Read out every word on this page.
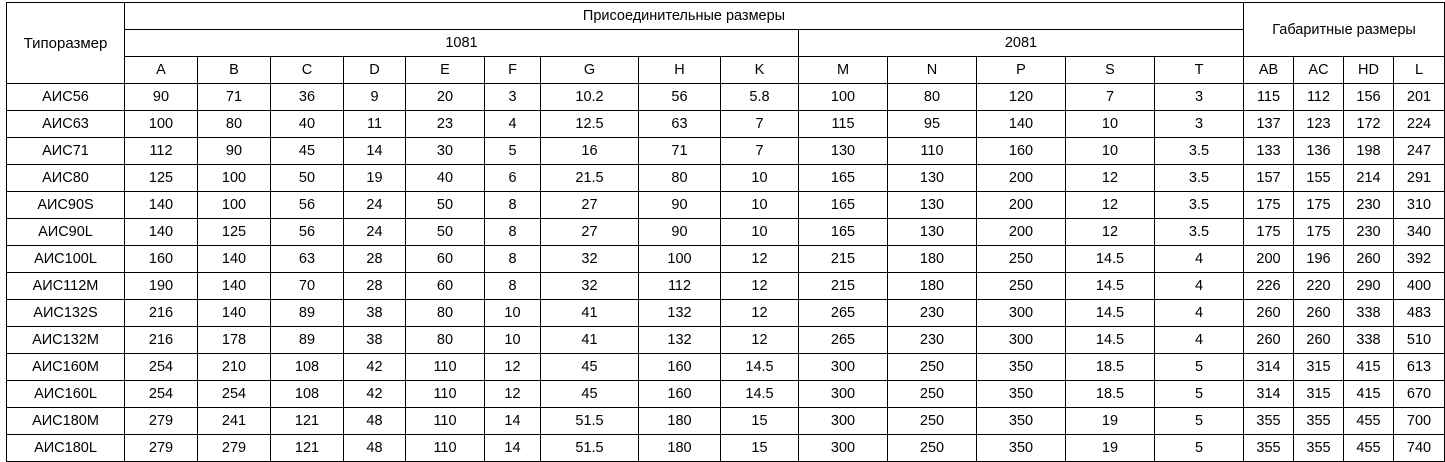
Типоразмер	Присоединительные размеры														Габаритные размеры			
	1081									2081								
	A	B	C	D	E	F	G	H	K	M	N	P	S	T	AB	AC	HD	L
АИС56	90	71	36	9	20	3	10.2	56	5.8	100	80	120	7	3	115	112	156	201
АИС63	100	80	40	11	23	4	12.5	63	7	115	95	140	10	3	137	123	172	224
АИС71	112	90	45	14	30	5	16	71	7	130	110	160	10	3.5	133	136	198	247
АИС80	125	100	50	19	40	6	21.5	80	10	165	130	200	12	3.5	157	155	214	291
АИС90S	140	100	56	24	50	8	27	90	10	165	130	200	12	3.5	175	175	230	310
АИС90L	140	125	56	24	50	8	27	90	10	165	130	200	12	3.5	175	175	230	340
АИС100L	160	140	63	28	60	8	32	100	12	215	180	250	14.5	4	200	196	260	392
АИС112M	190	140	70	28	60	8	32	112	12	215	180	250	14.5	4	226	220	290	400
АИС132S	216	140	89	38	80	10	41	132	12	265	230	300	14.5	4	260	260	338	483
АИС132M	216	178	89	38	80	10	41	132	12	265	230	300	14.5	4	260	260	338	510
АИС160M	254	210	108	42	110	12	45	160	14.5	300	250	350	18.5	5	314	315	415	613
АИС160L	254	254	108	42	110	12	45	160	14.5	300	250	350	18.5	5	314	315	415	670
АИС180M	279	241	121	48	110	14	51.5	180	15	300	250	350	19	5	355	355	455	700
АИС180L	279	279	121	48	110	14	51.5	180	15	300	250	350	19	5	355	355	455	740
